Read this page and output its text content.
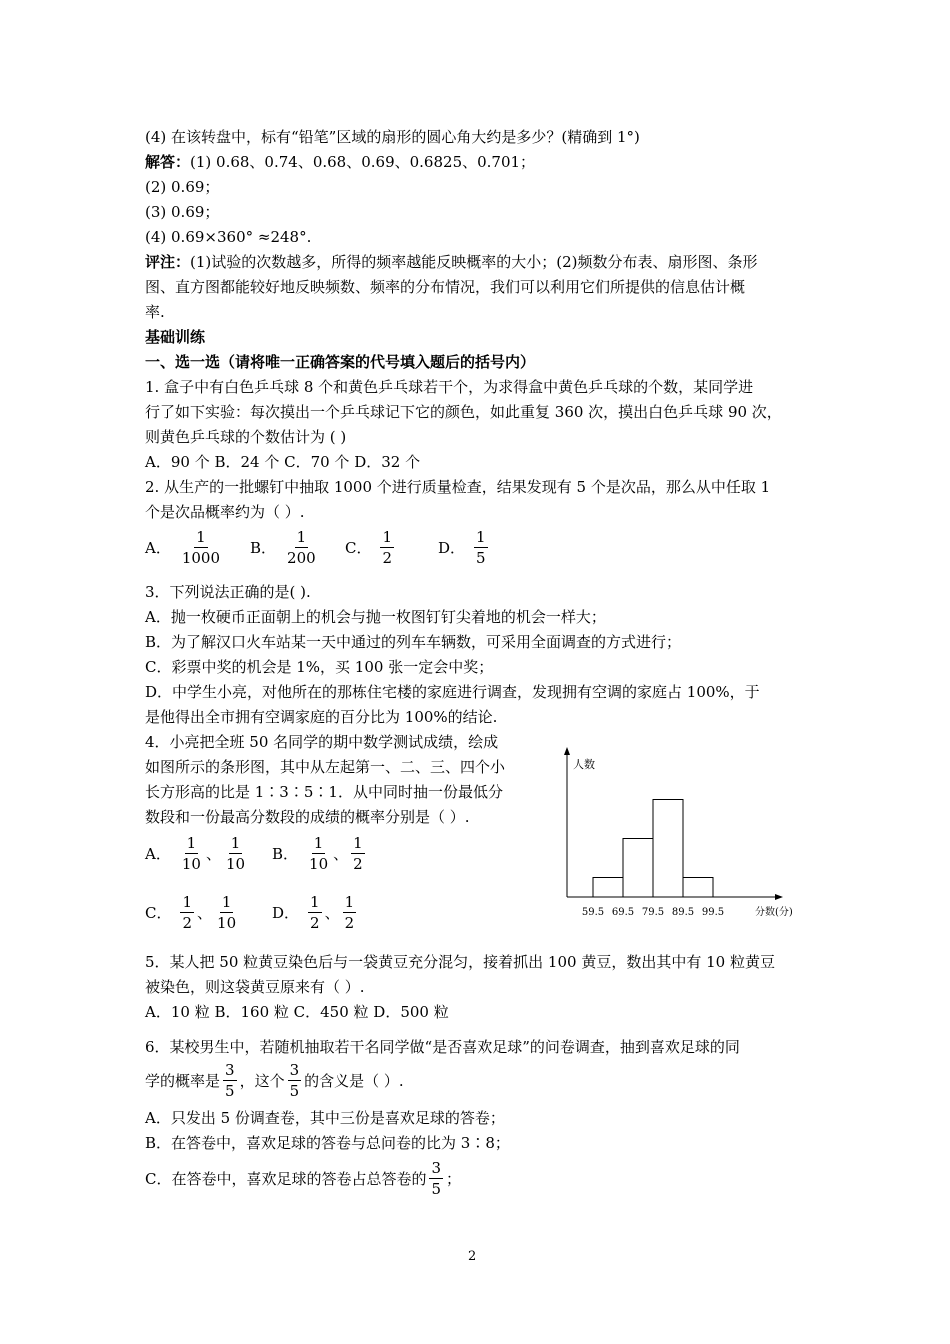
(4) 在该转盘中，标有“铅笔”区域的扇形的圆心角大约是多少？(精确到 1°)
解答：(1) 0.68、0.74、0.68、0.69、0.6825、0.701；
(2) 0.69；
(3) 0.69；
(4) 0.69×360° ≈248°.
评注：(1)试验的次数越多，所得的频率越能反映概率的大小；(2)频数分布表、扇形图、条形
图、直方图都能较好地反映频数、频率的分布情况，我们可以利用它们所提供的信息估计概
率.
基础训练
一、选一选（请将唯一正确答案的代号填入题后的括号内）
1. 盒子中有白色乒乓球 8 个和黄色乒乓球若干个，为求得盒中黄色乒乓球的个数，某同学进
行了如下实验：每次摸出一个乒乓球记下它的颜色，如此重复 360 次，摸出白色乒乓球 90 次，
则黄色乒乓球的个数估计为 ( )
A．90 个 B．24 个 C．70 个 D．32 个
2. 从生产的一批螺钉中抽取 1000 个进行质量检查，结果发现有 5 个是次品，那么从中任取 1
个是次品概率约为（ ）.
A． $\frac{1}{1000}$ B． $\frac{1}{200}$ C． $\frac{1}{2}$	D． $\frac{1}{5}$
3．下列说法正确的是( ).
A．抛一枚硬币正面朝上的机会与抛一枚图钉钉尖着地的机会一样大；
B．为了解汉口火车站某一天中通过的列车车辆数，可采用全面调查的方式进行；
C．彩票中奖的机会是 1%，买 100 张一定会中奖；
D．中学生小亮，对他所在的那栋住宅楼的家庭进行调查，发现拥有空调的家庭占 100%，于
是他得出全市拥有空调家庭的百分比为 100%的结论.
4．小亮把全班 50 名同学的期中数学测试成绩，绘成
如图所示的条形图，其中从左起第一、二、三、四个小
长方形高的比是 1∶3∶5∶1．从中同时抽一份最低分
数段和一份最高分数段的成绩的概率分别是（ ）.
A． $\frac{1}{10}$ 、 $\frac{1}{10}$ B． $\frac{1}{10}$ 、 $\frac{1}{2}$
C． $\frac{1}{2}$ 、 $\frac{1}{10}$ D． $\frac{1}{2}$ 、 $\frac{1}{2}$
人数
分数(分)
59.5 69.5 79.5 89.5 99.5
5．某人把 50 粒黄豆染色后与一袋黄豆充分混匀，接着抓出 100 黄豆，数出其中有 10 粒黄豆
被染色，则这袋黄豆原来有（ ）.
A．10 粒 B．160 粒 C．450 粒 D．500 粒
6．某校男生中，若随机抽取若干名同学做“是否喜欢足球”的问卷调查，抽到喜欢足球的同
学的概率是 $\frac{3}{5}$ ，这个 $\frac{3}{5}$ 的含义是（ ）.
A．只发出 5 份调查卷，其中三份是喜欢足球的答卷；
B．在答卷中，喜欢足球的答卷与总问卷的比为 3∶8；
C．在答卷中，喜欢足球的答卷占总答卷的 $\frac{3}{5}$ ；
2
